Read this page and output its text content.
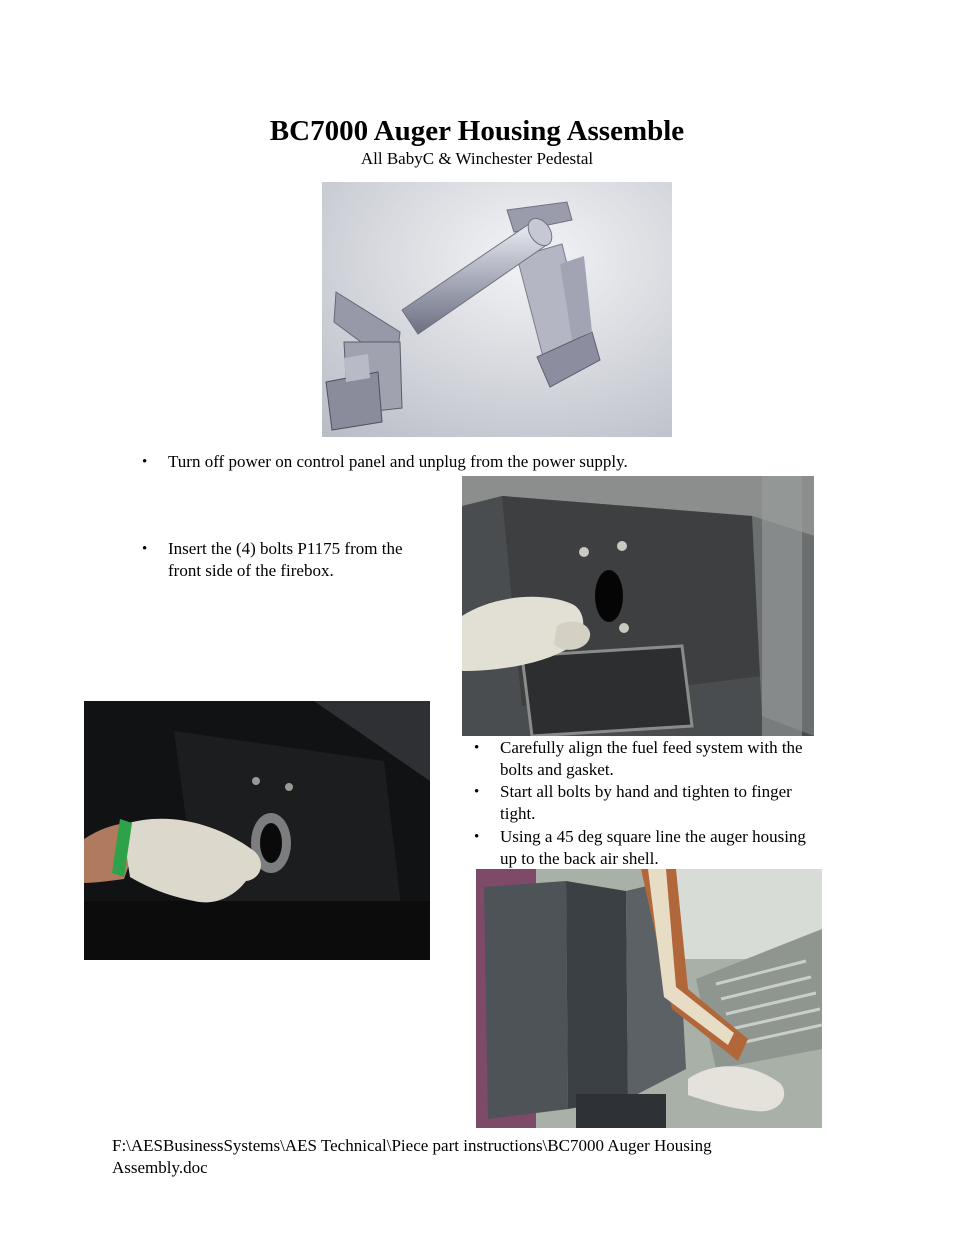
BC7000 Auger Housing Assemble
All BabyC & Winchester Pedestal
• Turn off power on control panel and unplug from the power supply.
• Insert the (4) bolts P1175 from the
front side of the firebox.
• Carefully align the fuel feed system with the
bolts and gasket.
• Start all bolts by hand and tighten to finger
tight.
• Using a 45 deg square line the auger housing
up to the back air shell.
F:\AESBusinessSystems\AES Technical\Piece part instructions\BC7000 Auger Housing
Assembly.doc
